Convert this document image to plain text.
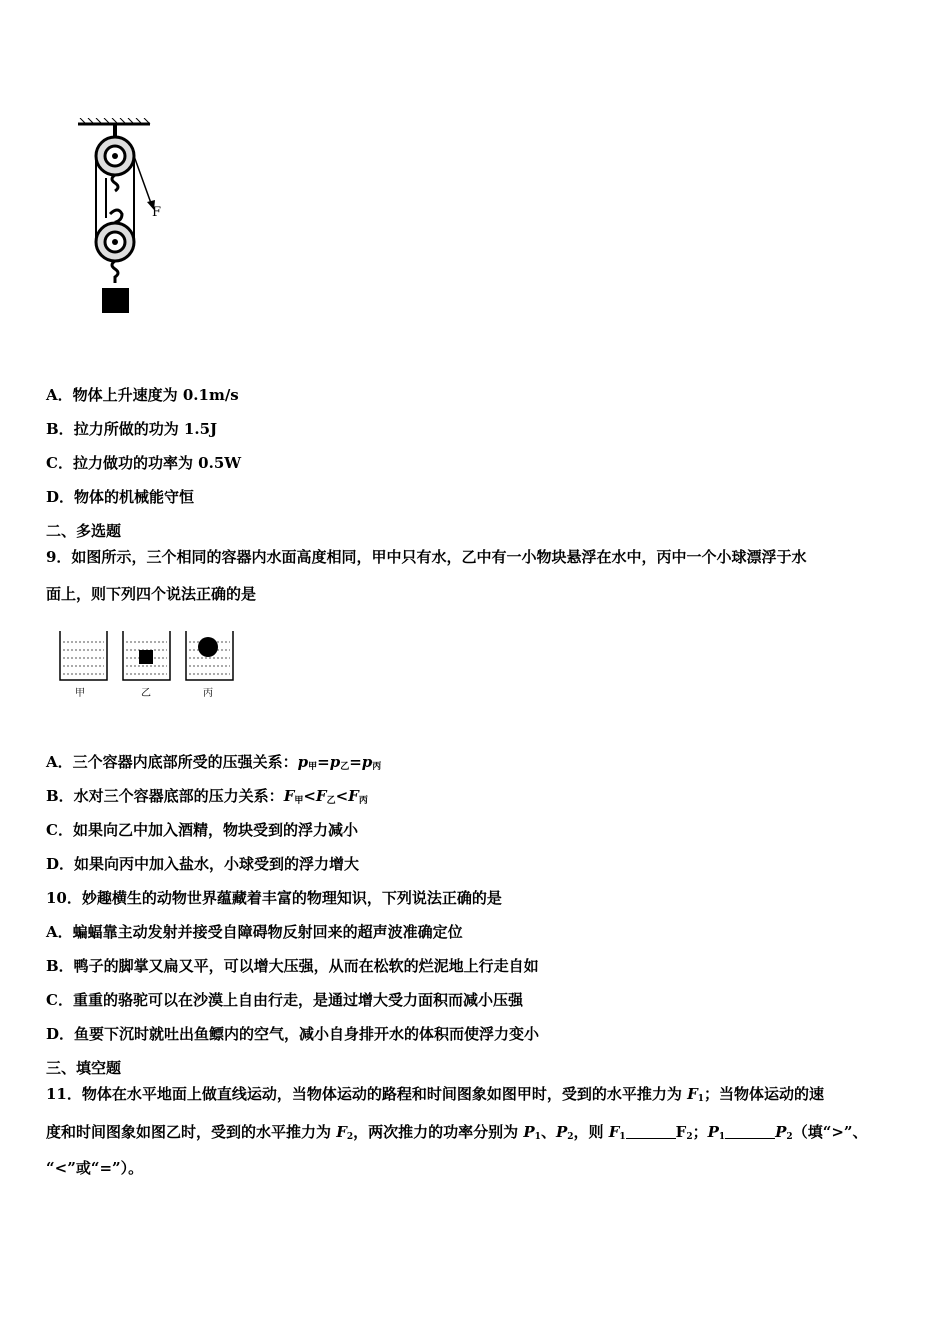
F
A．物体上升速度为 0.1m/s
B．拉力所做的功为 1.5J
C．拉力做功的功率为 0.5W
D．物体的机械能守恒
二、多选题
9．如图所示，三个相同的容器内水面高度相同，甲中只有水，乙中有一小物块悬浮在水中，丙中一个小球漂浮于水
面上，则下列四个说法正确的是
甲	乙	丙
A．三个容器内底部所受的压强关系：$p_甲=p_乙=p_丙$
B．水对三个容器底部的压力关系：$F_甲<F_乙<F_丙$
C．如果向乙中加入酒精，物块受到的浮力减小
D．如果向丙中加入盐水，小球受到的浮力增大
10．妙趣横生的动物世界蕴藏着丰富的物理知识，下列说法正确的是
A．蝙蝠靠主动发射并接受自障碍物反射回来的超声波准确定位
B．鸭子的脚掌又扁又平，可以增大压强，从而在松软的烂泥地上行走自如
C．重重的骆驼可以在沙漠上自由行走，是通过增大受力面积而减小压强
D．鱼要下沉时就吐出鱼鳔内的空气，减小自身排开水的体积而使浮力变小
三、填空题
11．物体在水平地面上做直线运动，当物体运动的路程和时间图象如图甲时，受到的水平推力为 $F_1$；当物体运动的速
度和时间图象如图乙时，受到的水平推力为 $F_2$，两次推力的功率分别为 $P_1$、$P_2$，则 $F_1$	$F_2$；$P_1$	$P_2$（填“>”、
“<”或“=”）。
